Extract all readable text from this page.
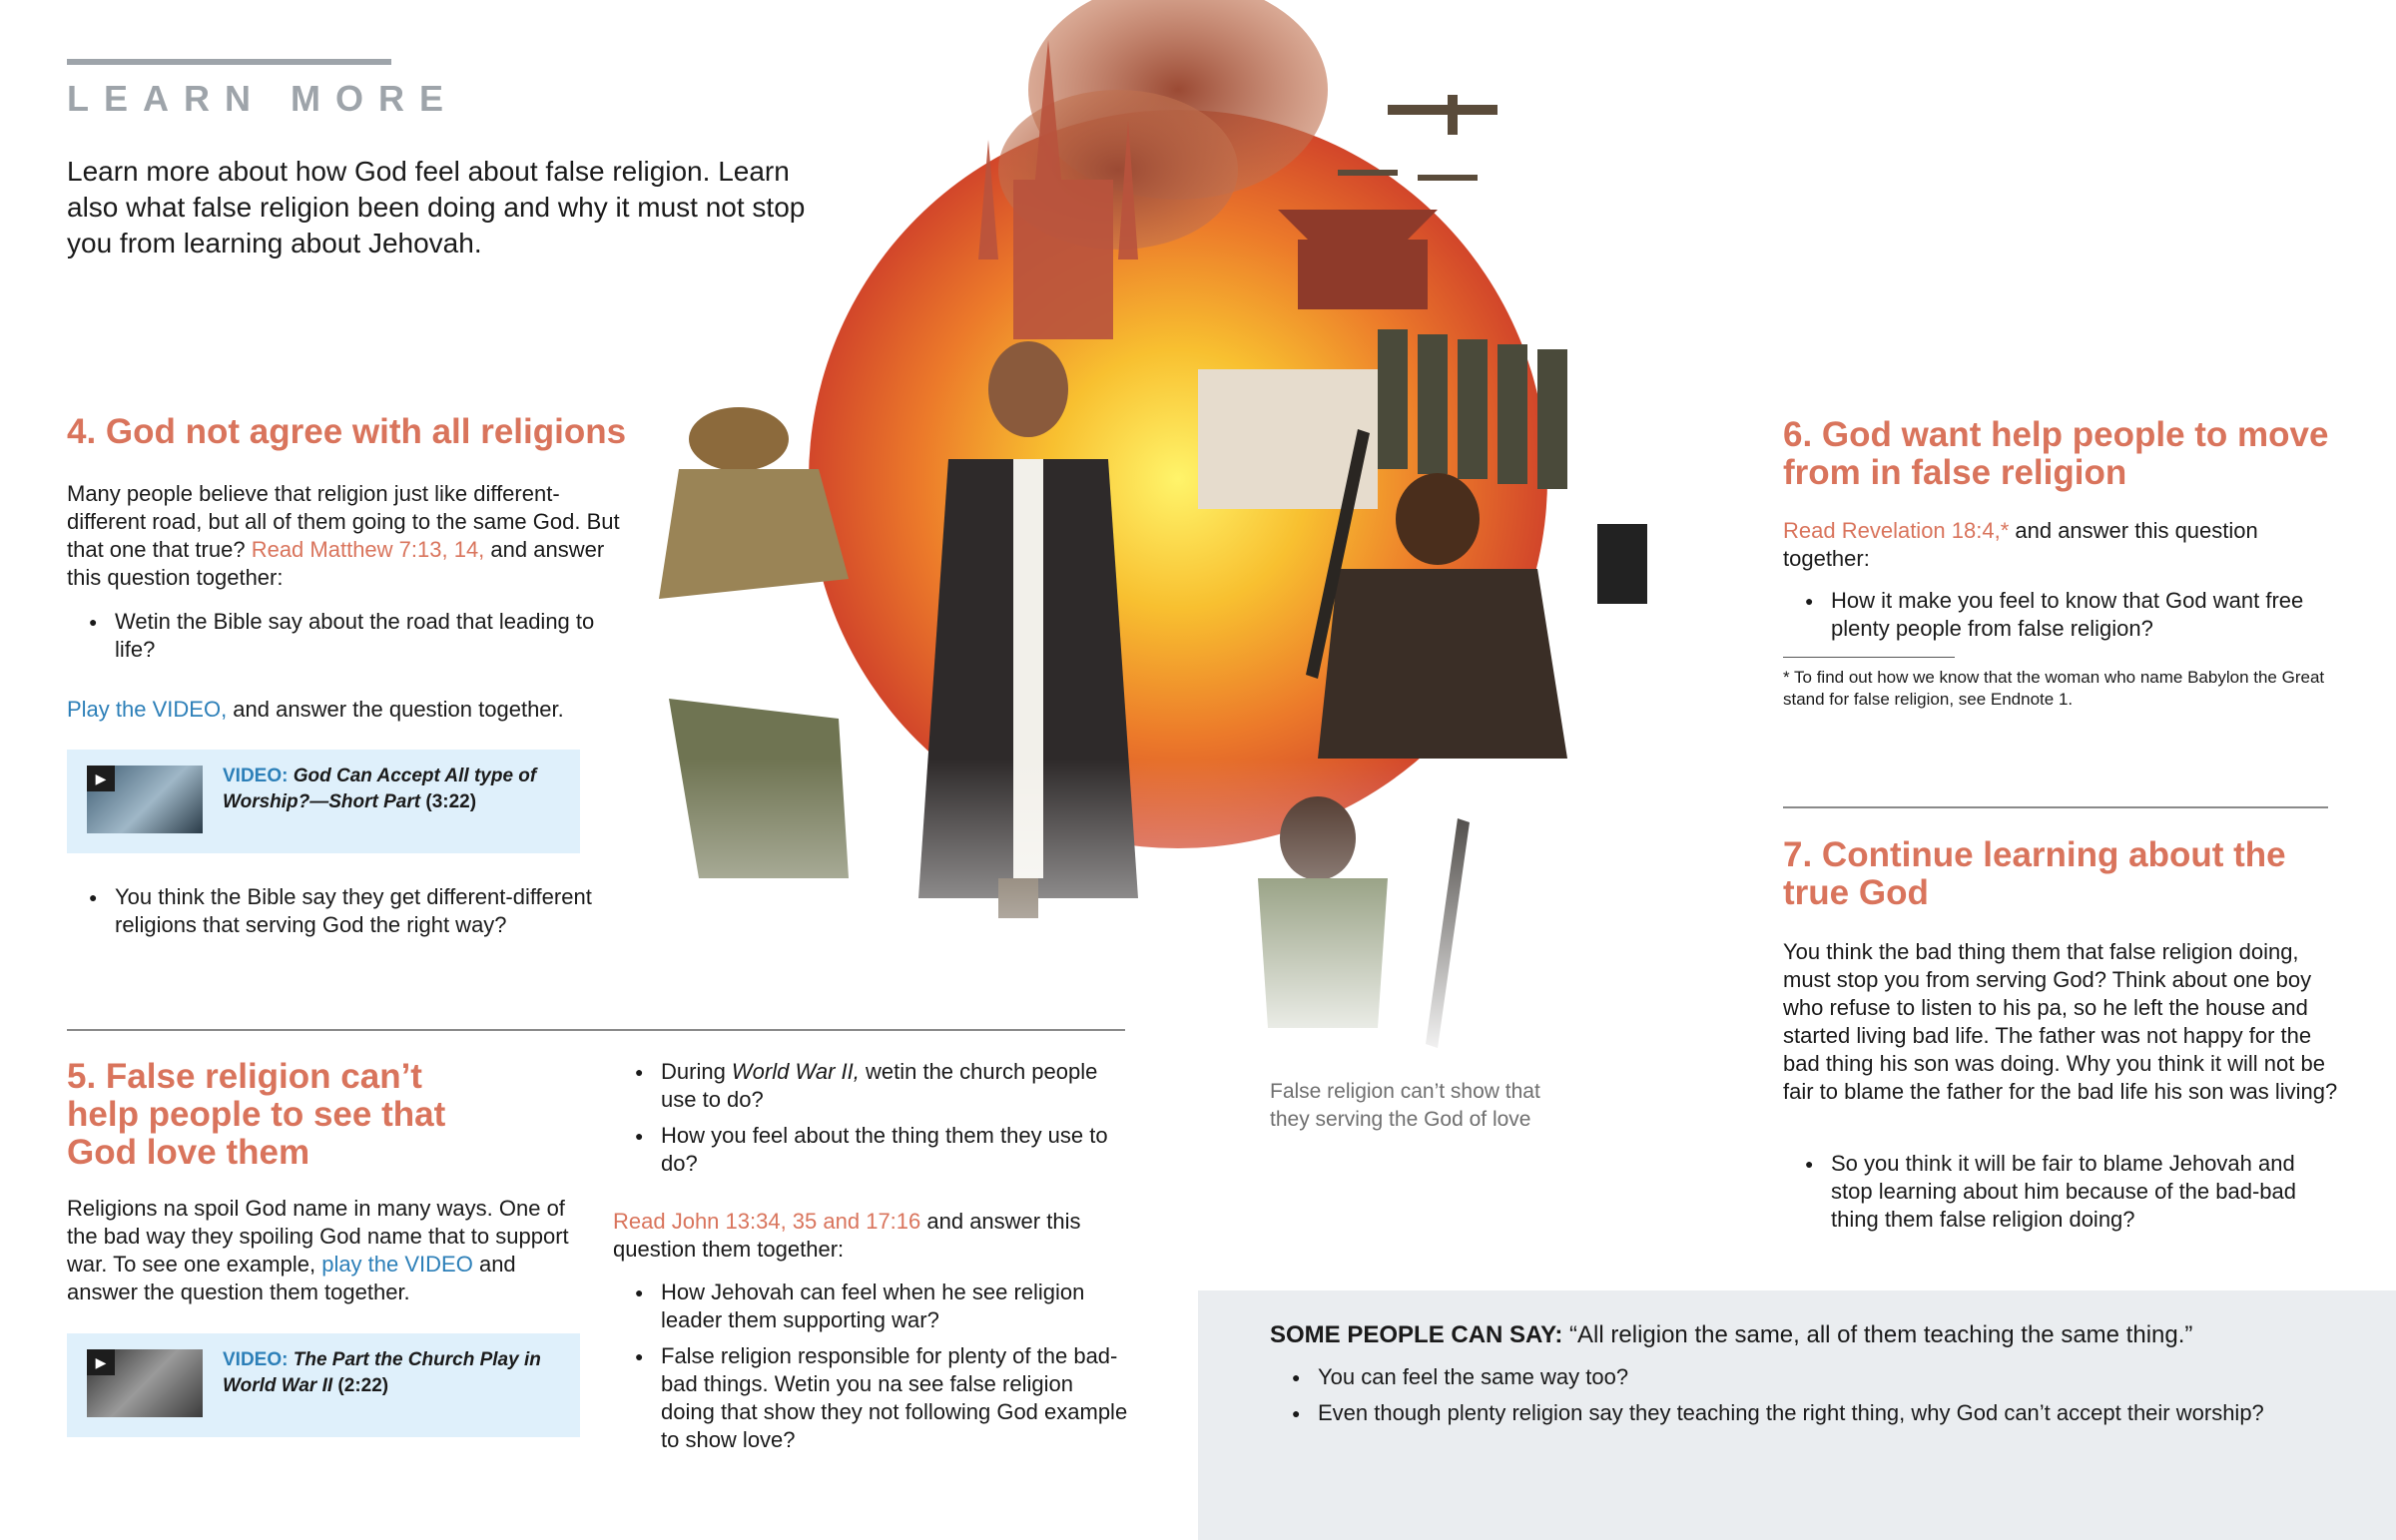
LEARN MORE
Learn more about how God feel about false religion. Learn also what false religion been doing and why it must not stop you from learning about Jehovah.
False religion can’t show that they serving the God of love
4. God not agree with all religions

Many people believe that religion just like different-different road, but all of them going to the same God. But that one that true? Read Matthew 7:13, 14, and answer this question together:

● Wetin the Bible say about the road that leading to life?

Play the VIDEO, and answer the question together.

▶	VIDEO: God Can Accept All type of Worship?—Short Part (3:22)
● You think the Bible say they get different-different religions that serving God the right way?
5. False religion can’t help people to see that God love them

Religions na spoil God name in many ways. One of the bad way they spoiling God name that to support war. To see one example, play the VIDEO and answer the question them together.

▶	VIDEO: The Part the Church Play in World War II (2:22)
● During World War II, wetin the church people use to do?
● How you feel about the thing them they use to do?

Read John 13:34, 35 and 17:16 and answer this question them together:

● How Jehovah can feel when he see religion leader them supporting war?
● False religion responsible for plenty of the bad-bad things. Wetin you na see false religion doing that show they not following God example to show love?
6. God want help people to move from in false religion

Read Revelation 18:4,* and answer this question together:

● How it make you feel to know that God want free plenty people from false religion?
* To find out how we know that the woman who name Babylon the Great stand for false religion, see Endnote 1.
7. Continue learning about the true God

You think the bad thing them that false religion doing, must stop you from serving God? Think about one boy who refuse to listen to his pa, so he left the house and started living bad life. The father was not happy for the bad thing his son was doing. Why you think it will not be fair to blame the father for the bad life his son was living?

● So you think it will be fair to blame Jehovah and stop learning about him because of the bad-bad thing them false religion doing?

SOME PEOPLE CAN SAY: “All religion the same, all of them teaching the same thing.”

● You can feel the same way too?
● Even though plenty religion say they teaching the right thing, why God can’t accept their worship?
